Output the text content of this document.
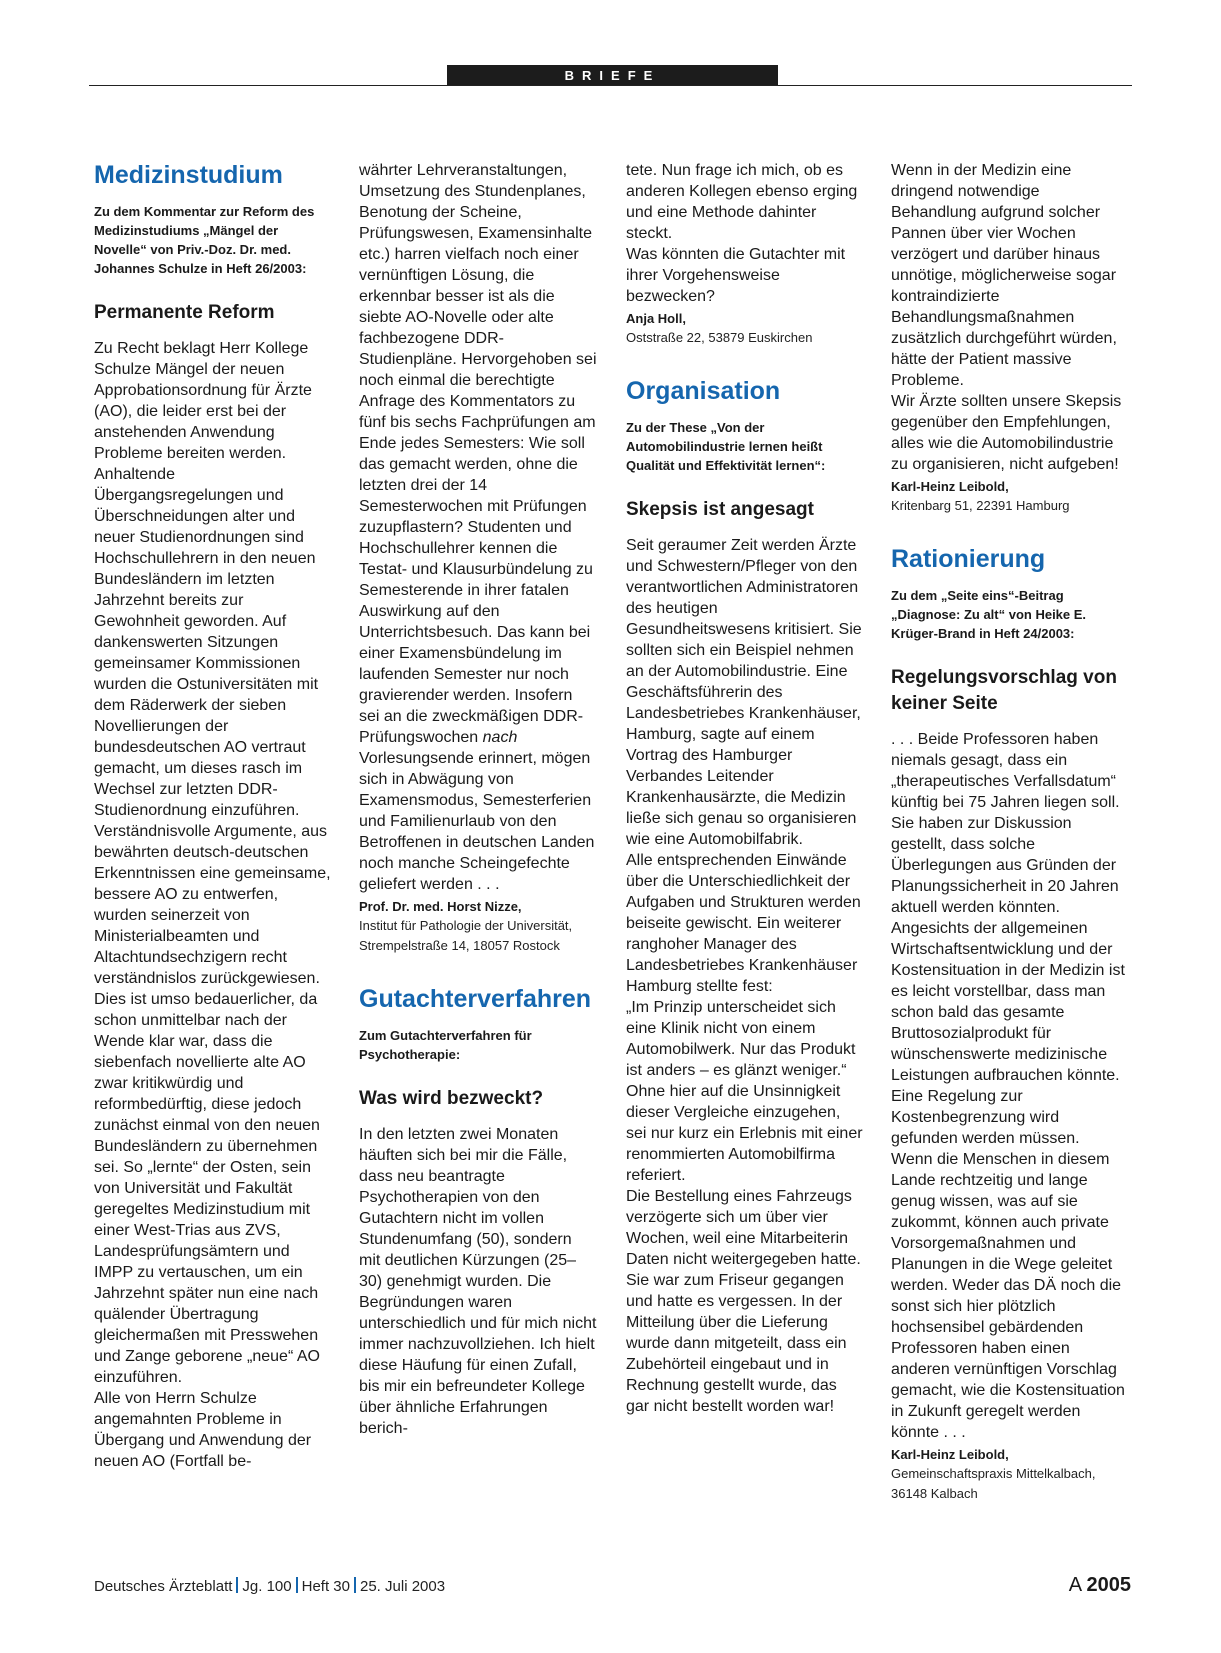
BRIEFE
Medizinstudium

Zu dem Kommentar zur Reform des Medizinstudiums „Mängel der Novelle“ von Priv.-Doz. Dr. med. Johannes Schulze in Heft 26/2003:

Permanente Reform

Zu Recht beklagt Herr Kollege Schulze Mängel der neuen Approbationsordnung für Ärzte (AO), die leider erst bei der anstehenden Anwendung Probleme bereiten werden. Anhaltende Übergangsregelungen und Überschneidungen alter und neuer Studienordnungen sind Hochschullehrern in den neuen Bundesländern im letzten Jahrzehnt bereits zur Gewohnheit geworden. Auf dankenswerten Sitzungen gemeinsamer Kommissionen wurden die Ostuniversitäten mit dem Räderwerk der sieben Novellierungen der bundesdeutschen AO vertraut gemacht, um dieses rasch im Wechsel zur letzten DDR-Studienordnung einzuführen. Verständnisvolle Argumente, aus bewährten deutsch-deutschen Erkenntnissen eine gemeinsame, bessere AO zu entwerfen, wurden seinerzeit von Ministerialbeamten und Altachtundsechzigern recht verständnislos zurückgewiesen. Dies ist umso bedauerlicher, da schon unmittelbar nach der Wende klar war, dass die siebenfach novellierte alte AO zwar kritikwürdig und reformbedürftig, diese jedoch zunächst einmal von den neuen Bundesländern zu übernehmen sei. So „lernte“ der Osten, sein von Universität und Fakultät geregeltes Medizinstudium mit einer West-Trias aus ZVS, Landesprüfungsämtern und IMPP zu vertauschen, um ein Jahrzehnt später nun eine nach quälender Übertragung gleichermaßen mit Presswehen und Zange geborene „neue“ AO einzuführen.

Alle von Herrn Schulze angemahnten Probleme in Übergang und Anwendung der neuen AO (Fortfall be-

währter Lehrveranstaltungen, Umsetzung des Stundenplanes, Benotung der Scheine, Prüfungswesen, Examensinhalte etc.) harren vielfach noch einer vernünftigen Lösung, die erkennbar besser ist als die siebte AO-Novelle oder alte fachbezogene DDR-Studienpläne. Hervorgehoben sei noch einmal die berechtigte Anfrage des Kommentators zu fünf bis sechs Fachprüfungen am Ende jedes Semesters: Wie soll das gemacht werden, ohne die letzten drei der 14 Semesterwochen mit Prüfungen zuzupflastern? Studenten und Hochschullehrer kennen die Testat- und Klausurbündelung zu Semesterende in ihrer fatalen Auswirkung auf den Unterrichtsbesuch. Das kann bei einer Examensbündelung im laufenden Semester nur noch gravierender werden. Insofern sei an die zweckmäßigen DDR-Prüfungswochen nach Vorlesungsende erinnert, mögen sich in Abwägung von Examensmodus, Semesterferien und Familienurlaub von den Betroffenen in deutschen Landen noch manche Scheingefechte geliefert werden . . .

Prof. Dr. med. Horst Nizze,

Institut für Pathologie der Universität,

Strempelstraße 14, 18057 Rostock

Gutachterverfahren

Zum Gutachterverfahren für Psychotherapie:

Was wird bezweckt?

In den letzten zwei Monaten häuften sich bei mir die Fälle, dass neu beantragte Psychotherapien von den Gutachtern nicht im vollen Stundenumfang (50), sondern mit deutlichen Kürzungen (25–30) genehmigt wurden. Die Begründungen waren unterschiedlich und für mich nicht immer nachzuvollziehen. Ich hielt diese Häufung für einen Zufall, bis mir ein befreundeter Kollege über ähnliche Erfahrungen berich-

tete. Nun frage ich mich, ob es anderen Kollegen ebenso erging und eine Methode dahinter steckt.

Was könnten die Gutachter mit ihrer Vorgehensweise bezwecken?

Anja Holl,

Oststraße 22, 53879 Euskirchen

Organisation

Zu der These „Von der Automobilindustrie lernen heißt Qualität und Effektivität lernen“:

Skepsis ist angesagt

Seit geraumer Zeit werden Ärzte und Schwestern/Pfleger von den verantwortlichen Administratoren des heutigen Gesundheitswesens kritisiert. Sie sollten sich ein Beispiel nehmen an der Automobilindustrie. Eine Geschäftsführerin des Landesbetriebes Krankenhäuser, Hamburg, sagte auf einem Vortrag des Hamburger Verbandes Leitender Krankenhausärzte, die Medizin ließe sich genau so organisieren wie eine Automobilfabrik.

Alle entsprechenden Einwände über die Unterschiedlichkeit der Aufgaben und Strukturen werden beiseite gewischt. Ein weiterer ranghoher Manager des Landesbetriebes Krankenhäuser Hamburg stellte fest:

„Im Prinzip unterscheidet sich eine Klinik nicht von einem Automobilwerk. Nur das Produkt ist anders – es glänzt weniger.“

Ohne hier auf die Unsinnigkeit dieser Vergleiche einzugehen, sei nur kurz ein Erlebnis mit einer renommierten Automobilfirma referiert.

Die Bestellung eines Fahrzeugs verzögerte sich um über vier Wochen, weil eine Mitarbeiterin Daten nicht weitergegeben hatte. Sie war zum Friseur gegangen und hatte es vergessen. In der Mitteilung über die Lieferung wurde dann mitgeteilt, dass ein Zubehörteil eingebaut und in Rechnung gestellt wurde, das gar nicht bestellt worden war!

Wenn in der Medizin eine dringend notwendige Behandlung aufgrund solcher Pannen über vier Wochen verzögert und darüber hinaus unnötige, möglicherweise sogar kontraindizierte Behandlungsmaßnahmen zusätzlich durchgeführt würden, hätte der Patient massive Probleme.

Wir Ärzte sollten unsere Skepsis gegenüber den Empfehlungen, alles wie die Automobilindustrie zu organisieren, nicht aufgeben!

Karl-Heinz Leibold,

Kritenbarg 51, 22391 Hamburg

Rationierung

Zu dem „Seite eins“-Beitrag „Diagnose: Zu alt“ von Heike E. Krüger-Brand in Heft 24/2003:

Regelungsvorschlag von keiner Seite

. . . Beide Professoren haben niemals gesagt, dass ein „therapeutisches Verfallsdatum“ künftig bei 75 Jahren liegen soll. Sie haben zur Diskussion gestellt, dass solche Überlegungen aus Gründen der Planungssicherheit in 20 Jahren aktuell werden könnten.

Angesichts der allgemeinen Wirtschaftsentwicklung und der Kostensituation in der Medizin ist es leicht vorstellbar, dass man schon bald das gesamte Bruttosozialprodukt für wünschenswerte medizinische Leistungen aufbrauchen könnte. Eine Regelung zur Kostenbegrenzung wird gefunden werden müssen.

Wenn die Menschen in diesem Lande rechtzeitig und lange genug wissen, was auf sie zukommt, können auch private Vorsorgemaßnahmen und Planungen in die Wege geleitet werden. Weder das DÄ noch die sonst sich hier plötzlich hochsensibel gebärdenden Professoren haben einen anderen vernünftigen Vorschlag gemacht, wie die Kostensituation in Zukunft geregelt werden könnte . . .

Karl-Heinz Leibold,

Gemeinschaftspraxis Mittelkalbach,

36148 Kalbach

Deutsches Ärzteblatt Jg. 100 Heft 30 25. Juli 2003	A 2005
